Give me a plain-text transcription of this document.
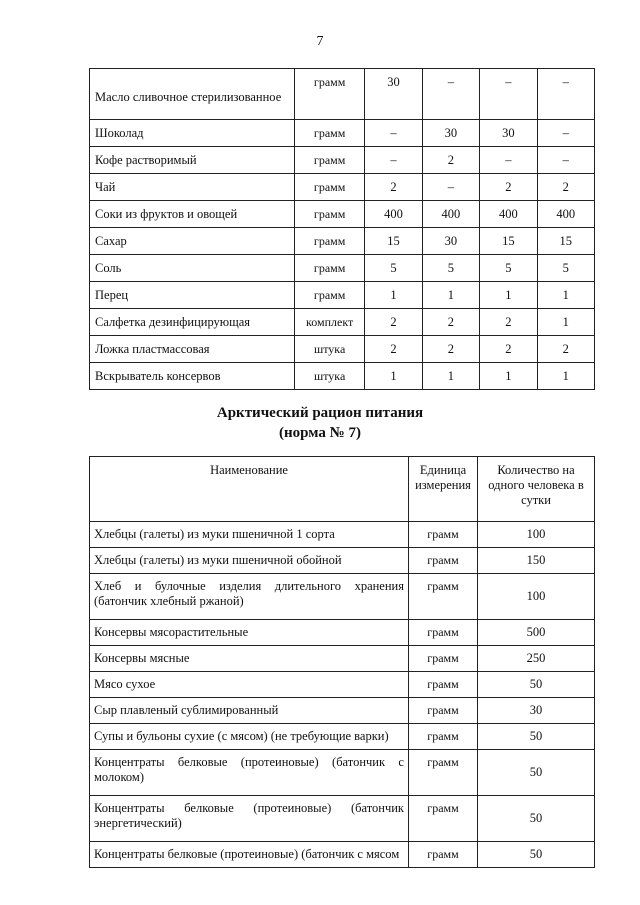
7
Масло сливочное стерилизованное	грамм	30	–	–	–
Шоколад	грамм	–	30	30	–
Кофе растворимый	грамм	–	2	–	–
Чай	грамм	2	–	2	2
Соки из фруктов и овощей	грамм	400	400	400	400
Сахар	грамм	15	30	15	15
Соль	грамм	5	5	5	5
Перец	грамм	1	1	1	1
Салфетка дезинфицирующая	комплект	2	2	2	1
Ложка пластмассовая	штука	2	2	2	2
Вскрыватель консервов	штука	1	1	1	1
Арктический рацион питания
(норма № 7)
Наименование	Единица измерения	Количество на одного человека в сутки
Хлебцы (галеты) из муки пшеничной 1 сорта	грамм	100
Хлебцы (галеты) из муки пшеничной обойной	грамм	150
Хлеб и булочные изделия длительного хранения (батончик хлебный ржаной)	грамм	100
Консервы мясорастительные	грамм	500
Консервы мясные	грамм	250
Мясо сухое	грамм	50
Сыр плавленый сублимированный	грамм	30
Супы и бульоны сухие (с мясом) (не требующие варки)	грамм	50
Концентраты белковые (протеиновые) (батончик с молоком)	грамм	50
Концентраты белковые (протеиновые) (батончик энергетический)	грамм	50
Концентраты белковые (протеиновые) (батончик с мясом	грамм	50
